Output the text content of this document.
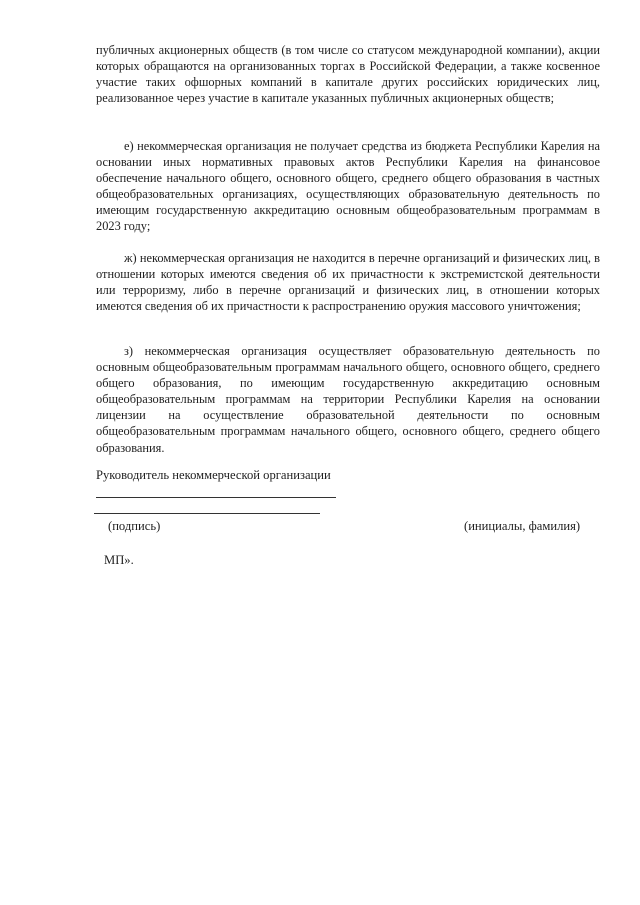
публичных акционерных обществ (в том числе со статусом международной компании), акции которых обращаются на организованных торгах в Российской Федерации, а также косвенное участие таких офшорных компаний в капитале других российских юридических лиц, реализованное через участие в капитале указанных публичных акционерных обществ;

е) некоммерческая организация не получает средства из бюджета Республики Карелия на основании иных нормативных правовых актов Республики Карелия на финансовое обеспечение начального общего, основного общего, среднего общего образования в частных общеобразовательных организациях, осуществляющих образовательную деятельность по имеющим государственную аккредитацию основным общеобразовательным программам в 2023 году;

ж) некоммерческая организация не находится в перечне организаций и физических лиц, в отношении которых имеются сведения об их причастности к экстремистской деятельности или терроризму, либо в перечне организаций и физических лиц, в отношении которых имеются сведения об их причастности к распространению оружия массового уничтожения;

з) некоммерческая организация осуществляет образовательную деятельность по основным общеобразовательным программам начального общего, основного общего, среднего общего образования, по имеющим государственную аккредитацию основным общеобразовательным программам на территории Республики Карелия на основании лицензии на осуществление образовательной деятельности по основным общеобразовательным программам начального общего, основного общего, среднего общего образования.

Руководитель некоммерческой организации
(подпись)	(инициалы, фамилия)
МП».
